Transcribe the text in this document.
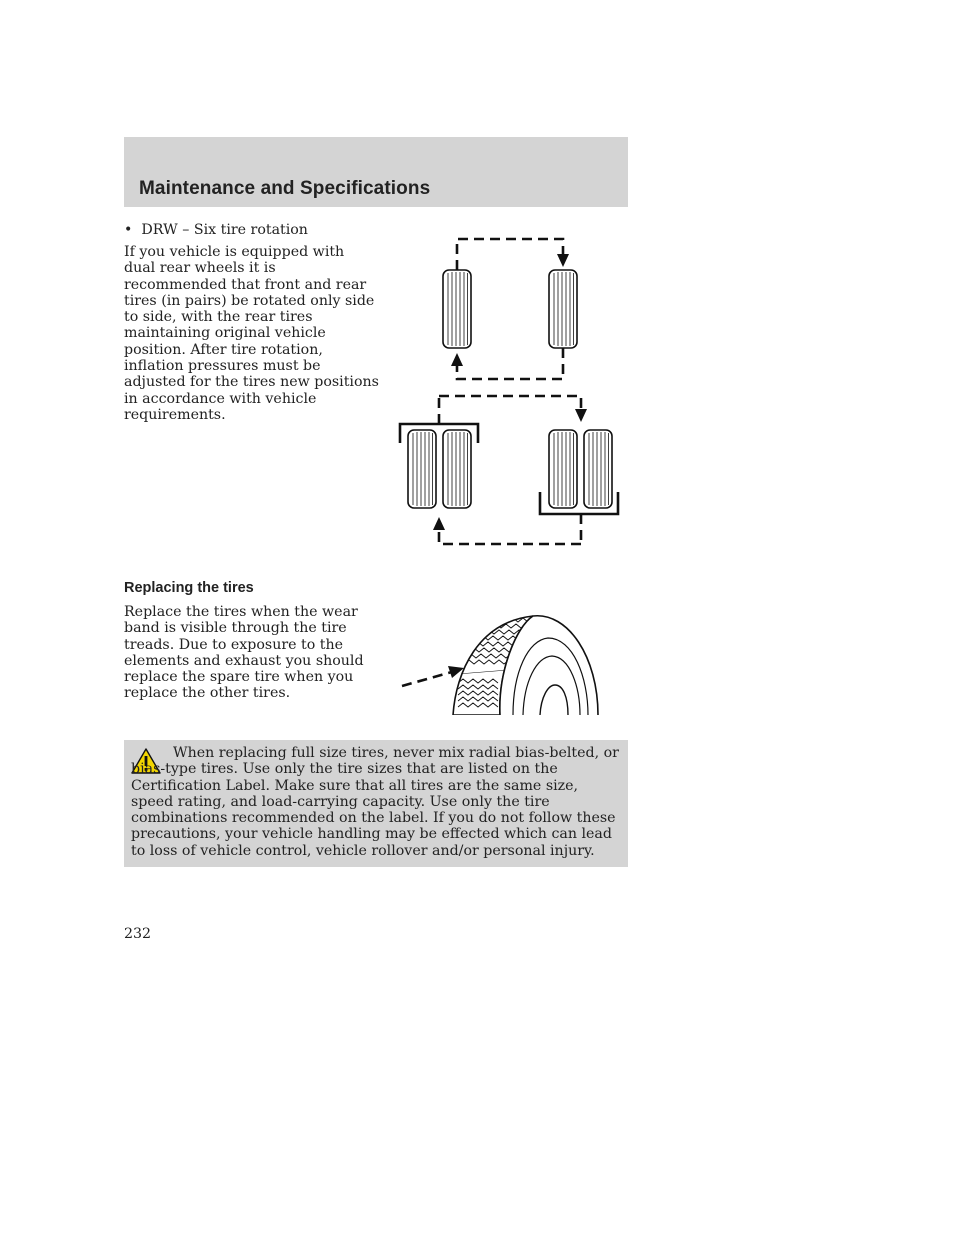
Maintenance and Specifications
• DRW – Six tire rotation

If you vehicle is equipped with dual rear wheels it is recommended that front and rear tires (in pairs) be rotated only side to side, with the rear tires maintaining original vehicle position. After tire rotation, inflation pressures must be adjusted for the tires new positions in accordance with vehicle requirements.

Replacing the tires

Replace the tires when the wear band is visible through the tire treads. Due to exposure to the elements and exhaust you should replace the spare tire when you replace the other tires.

When replacing full size tires, never mix radial bias-belted, or bias-type tires. Use only the tire sizes that are listed on the Certification Label. Make sure that all tires are the same size, speed rating, and load-carrying capacity. Use only the tire combinations recommended on the label. If you do not follow these precautions, your vehicle handling may be effected which can lead to loss of vehicle control, vehicle rollover and/or personal injury.

232
